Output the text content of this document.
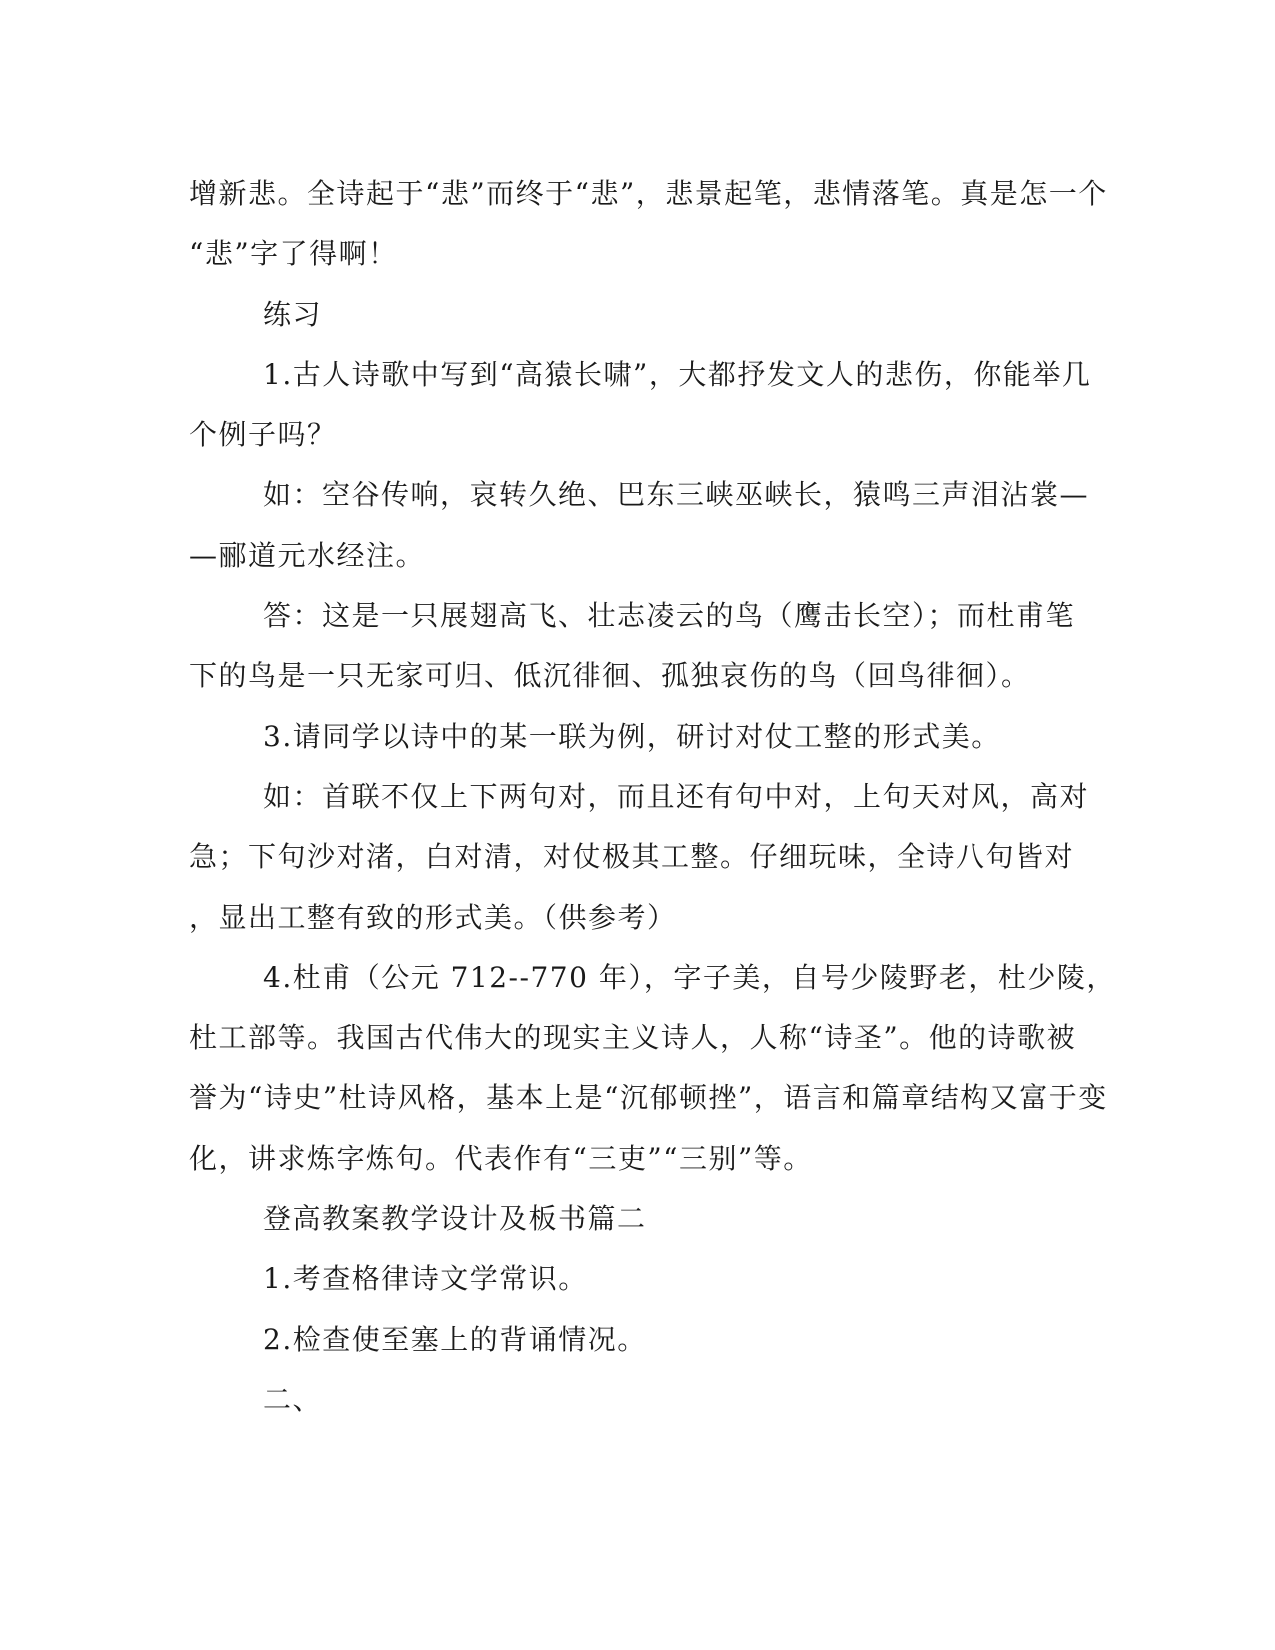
增新悲。全诗起于“悲”而终于“悲”，悲景起笔，悲情落笔。真是怎一个
“悲”字了得啊！
练习
1.古人诗歌中写到“高猿长啸”，大都抒发文人的悲伤，你能举几
个例子吗？
如：空谷传响，哀转久绝、巴东三峡巫峡长，猿鸣三声泪沾裳—
—郦道元水经注。
答：这是一只展翅高飞、壮志凌云的鸟（鹰击长空）；而杜甫笔
下的鸟是一只无家可归、低沉徘徊、孤独哀伤的鸟（回鸟徘徊）。
3.请同学以诗中的某一联为例，研讨对仗工整的形式美。
如：首联不仅上下两句对，而且还有句中对，上句天对风，高对
急；下句沙对渚，白对清，对仗极其工整。仔细玩味，全诗八句皆对
，显出工整有致的形式美。（供参考）
4.杜甫（公元 712--770 年），字子美，自号少陵野老，杜少陵，
杜工部等。我国古代伟大的现实主义诗人，人称“诗圣”。他的诗歌被
誉为“诗史”杜诗风格，基本上是“沉郁顿挫”，语言和篇章结构又富于变
化，讲求炼字炼句。代表作有“三吏”“三别”等。
登高教案教学设计及板书篇二
1.考查格律诗文学常识。
2.检查使至塞上的背诵情况。
二、
